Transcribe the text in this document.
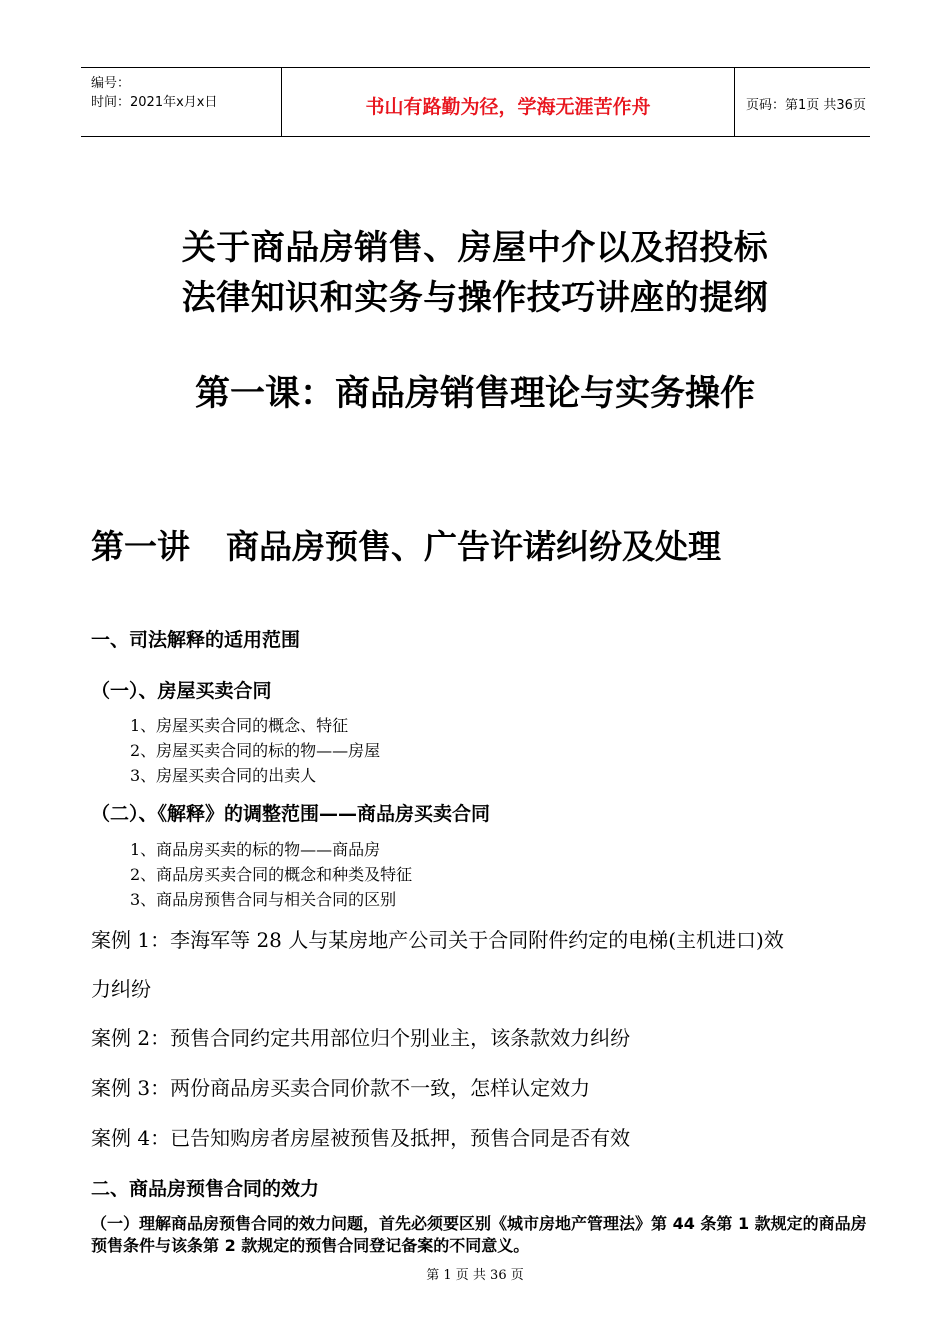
编号：
时间：2021年x月x日	书山有路勤为径，学海无涯苦作舟	页码：第1页 共36页
关于商品房销售、房屋中介以及招投标
法律知识和实务与操作技巧讲座的提纲
第一课：商品房销售理论与实务操作
第一讲 商品房预售、广告许诺纠纷及处理
一、司法解释的适用范围
（一）、房屋买卖合同
1、房屋买卖合同的概念、特征
2、房屋买卖合同的标的物——房屋
3、房屋买卖合同的出卖人
（二）、《解释》的调整范围——商品房买卖合同
1、商品房买卖的标的物——商品房
2、商品房买卖合同的概念和种类及特征
3、商品房预售合同与相关合同的区别
案例 1：李海军等 28 人与某房地产公司关于合同附件约定的电梯(主机进口)效
力纠纷
案例 2：预售合同约定共用部位归个别业主，该条款效力纠纷
案例 3：两份商品房买卖合同价款不一致，怎样认定效力
案例 4：已告知购房者房屋被预售及抵押，预售合同是否有效
二、商品房预售合同的效力
（一）理解商品房预售合同的效力问题，首先必须要区别《城市房地产管理法》第 44 条第 1 款规定的商品房预售条件与该条第 2 款规定的预售合同登记备案的不同意义。
第 1 页 共 36 页
